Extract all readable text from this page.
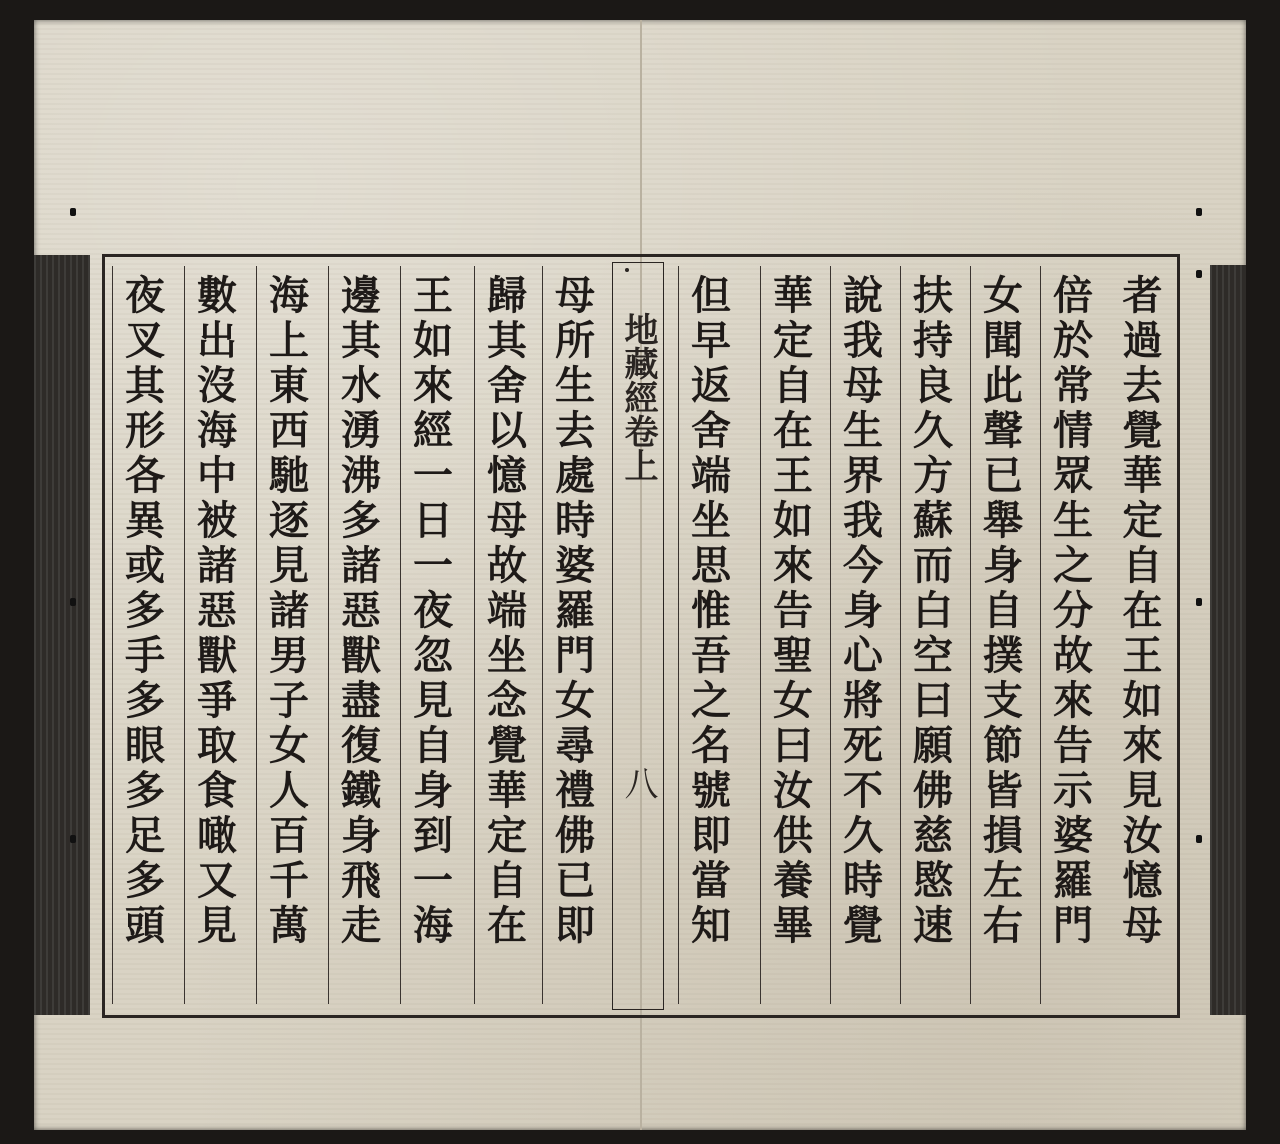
地藏經卷上
八	者過去覺華定自在王如來見汝憶母
倍於常情眾生之分故來告示婆羅門
女聞此聲已舉身自撲支節皆損左右
扶持良久方蘇而白空曰願佛慈愍速
說我母生界我今身心將死不久時覺
華定自在王如來告聖女曰汝供養畢
但早返舍端坐思惟吾之名號即當知
母所生去處時婆羅門女尋禮佛已即
歸其舍以憶母故端坐念覺華定自在
王如來經一日一夜忽見自身到一海
邊其水湧沸多諸惡獸盡復鐵身飛走
海上東西馳逐見諸男子女人百千萬
數出沒海中被諸惡獸爭取食噉又見
夜叉其形各異或多手多眼多足多頭
